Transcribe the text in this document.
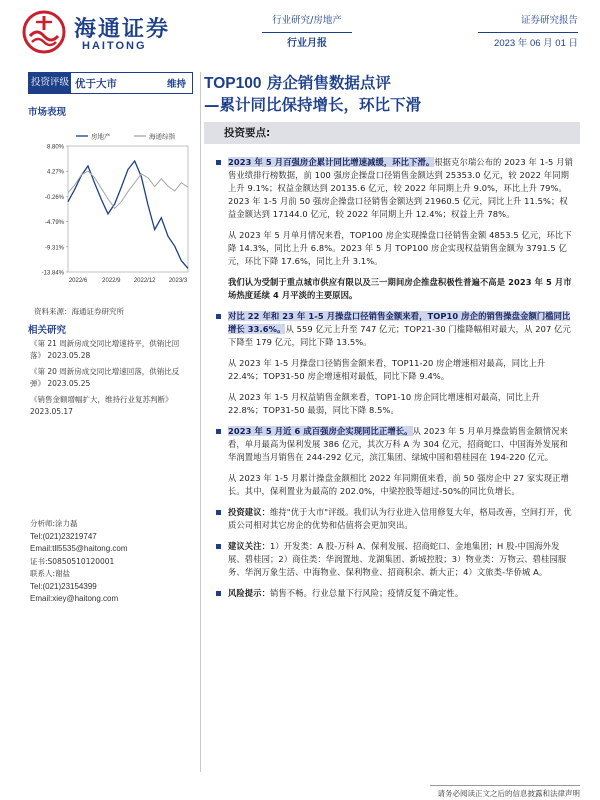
海通证券
HAITONG
行业研究/房地产
行业月报
证券研究报告
2023 年 06 月 01 日
投资评级 优于大市	维持
市场表现
8.80%
4.27%
-0.26%
-4.79%
-9.31%
-13.84%
2022/6 2022/9 2022/12 2023/3
房地产	海通综指
资料来源：海通证券研究所
相关研究
《第 21 周新房成交同比增速持平，供销比回落》 2023.05.28
《第 20 周新房成交同比增速回落，供销比反弹》 2023.05.25
《销售金额增幅扩大，维持行业复苏判断》 2023.05.17
分析师:涂力磊
Tel:(021)23219747
Email:tll5535@haitong.com
证书:S0850510120001
联系人:谢盐
Tel:(021)23154399
Email:xiey@haitong.com
TOP100 房企销售数据点评
—累计同比保持增长，环比下滑
投资要点:
2023 年 5 月百强房企累计同比增速减缓，环比下滑。根据克尔瑞公布的 2023 年 1-5 月销售业绩排行榜数据，前 100 强房企操盘口径销售金额达到 25353.0 亿元，较 2022 年同期上升 9.1%；权益金额达到 20135.6 亿元，较 2022 年同期上升 9.0%，环比上升 79%。2023 年 1-5 月前 50 强房企操盘口径销售金额达到 21960.5 亿元，同比上升 11.5%；权益金额达到 17144.0 亿元，较 2022 年同期上升 12.4%；权益上升 78%。
从 2023 年 5 月单月情况来看，TOP100 房企实现操盘口径销售金额 4853.5 亿元，环比下降 14.3%，同比上升 6.8%。2023 年 5 月 TOP100 房企实现权益销售金额为 3791.5 亿元，环比下降 17.6%，同比上升 3.1%。
我们认为受制于重点城市供应有限以及三一期间房企推盘积极性普遍不高是 2023 年 5 月市场热度延续 4 月平淡的主要原因。
对比 22 年和 23 年 1-5 月操盘口径销售金额来看，TOP10 房企的销售操盘金额门槛同比增长 33.6%。从 559 亿元上升至 747 亿元；TOP21-30 门槛降幅相对最大，从 207 亿元下降至 179 亿元，同比下降 13.5%。
从 2023 年 1-5 月操盘口径销售金额来看，TOP11-20 房企增速相对最高，同比上升 22.4%；TOP31-50 房企增速相对最低，同比下降 9.4%。
从 2023 年 1-5 月权益销售金额来看，TOP1-10 房企同比增速相对最高，同比上升 22.8%；TOP31-50 最弱，同比下降 8.5%。
2023 年 5 月近 6 成百强房企实现同比正增长。从 2023 年 5 月单月操盘销售金额情况来看，单月最高为保利发展 386 亿元，其次万科 A 为 304 亿元，招商蛇口、中国海外发展和华润置地当月销售在 244-292 亿元，滨江集团、绿城中国和碧桂园在 194-220 亿元。
从 2023 年 1-5 月累计操盘金额相比 2022 年同期值来看，前 50 强房企中 27 家实现正增长。其中，保利置业为最高的 202.0%，中梁控股等超过-50%的同比负增长。
投资建议：维持"优于大市"评级。我们认为行业进入信用修复大年，格局改善，空间打开，优质公司相对其它房企的优势和估值将会更加突出。
建议关注：1）开发类：A 股-万科 A、保利发展、招商蛇口、金地集团；H 股-中国海外发展、碧桂园；2）商住类：华润置地、龙湖集团、新城控股；3）物业类：万物云、碧桂园服务、华润万象生活、中海物业、保利物业、招商积余、新大正；4）文旅类-华侨城 A。
风险提示：销售不畅。行业总量下行风险；疫情反复不确定性。
请务必阅读正文之后的信息披露和法律声明
